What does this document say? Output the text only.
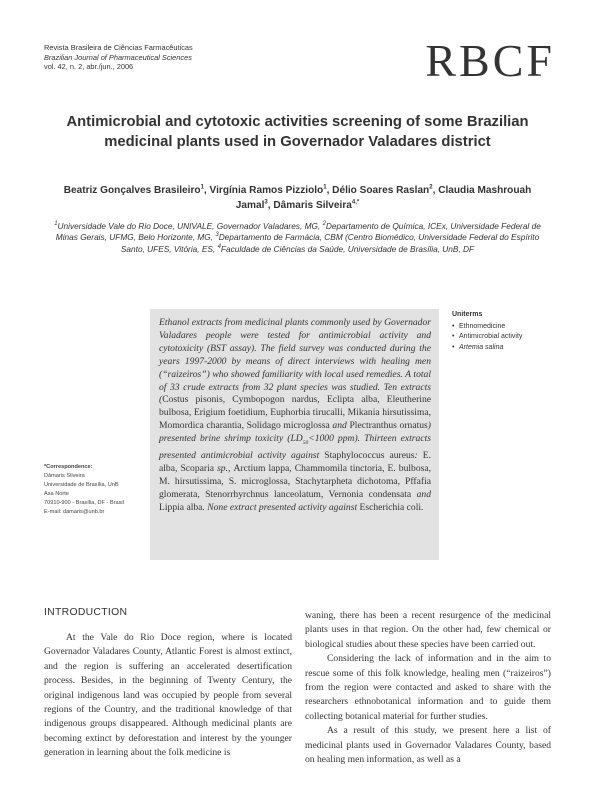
Revista Brasileira de Ciências Farmacêuticas
Brazilian Journal of Pharmaceutical Sciences
vol. 42, n. 2, abr./jun., 2006	RBCF
Antimicrobial and cytotoxic activities screening of some Brazilian medicinal plants used in Governador Valadares district
Beatriz Gonçalves Brasileiro$^1$, Virgínia Ramos Pizziolo$^1$, Délio Soares Raslan$^2$, Claudia Mashrouah Jamal$^3$, Dâmaris Silveira$^{4,*}$
$^1$Universidade Vale do Rio Doce, UNIVALE, Governador Valadares, MG, $^2$Departamento de Química, ICEx, Universidade Federal de Minas Gerais, UFMG, Belo Horizonte, MG, $^3$Departamento de Farmácia, CBM (Centro Biomédico, Universidade Federal do Espírito Santo, UFES, Vitória, ES, $^4$Faculdade de Ciências da Saúde, Universidade de Brasília, UnB, DF
Ethanol extracts from medicinal plants commonly used by Governador Valadares people were tested for antimicrobial activity and cytotoxicity (BST assay). The field survey was conducted during the years 1997-2000 by means of direct interviews with healing men (“raizeiros”) who showed familiarity with local used remedies. A total of 33 crude extracts from 32 plant species was studied. Ten extracts (Costus pisonis, Cymbopogon nardus, Eclipta alba, Eleutherine bulbosa, Erigium foetidium, Euphorbia tirucalli, Mikania hirsutissima, Momordica charantia, Solidago microglossa and Plectranthus ornatus) presented brine shrimp toxicity ($LD_{50}<1000$ ppm). Thirteen extracts presented antimicrobial activity against Staphylococcus aureus: E. alba, Scoparia sp., Arctium lappa, Chammomila tinctoria, E. bulbosa, M. hirsutissima, S. microglossa, Stachytarpheta dichotoma, Pffafia glomerata, Stenorrhyrchnus lanceolatum, Vernonia condensata and Lippia alba. None extract presented activity against Escherichia coli.
Uniterms
• Ethnomedicine
• Antimicrobial activity
• Artemia salina
*Correspondence:
Dâmaris Silveira
Universidade de Brasília, UnB
Asa Norte
70910-900 - Brasília, DF - Brasil
E-mail: damaris@unb.br
INTRODUCTION

At the Vale do Rio Doce region, where is located Governador Valadares County, Atlantic Forest is almost extinct, and the region is suffering an accelerated desertification process. Besides, in the beginning of Twenty Century, the original indigenous land was occupied by people from several regions of the Country, and the traditional knowledge of that indigenous groups disappeared. Although medicinal plants are becoming extinct by deforestation and interest by the younger generation in learning about the folk medicine is

waning, there has been a recent resurgence of the medicinal plants uses in that region. On the other had, few chemical or biological studies about these species have been carried out.

Considering the lack of information and in the aim to rescue some of this folk knowledge, healing men (“raizeiros”) from the region were contacted and asked to share with the researchers ethnobotanical information and to guide them collecting botanical material for further studies.

As a result of this study, we present here a list of medicinal plants used in Governador Valadares County, based on healing men information, as well as a
